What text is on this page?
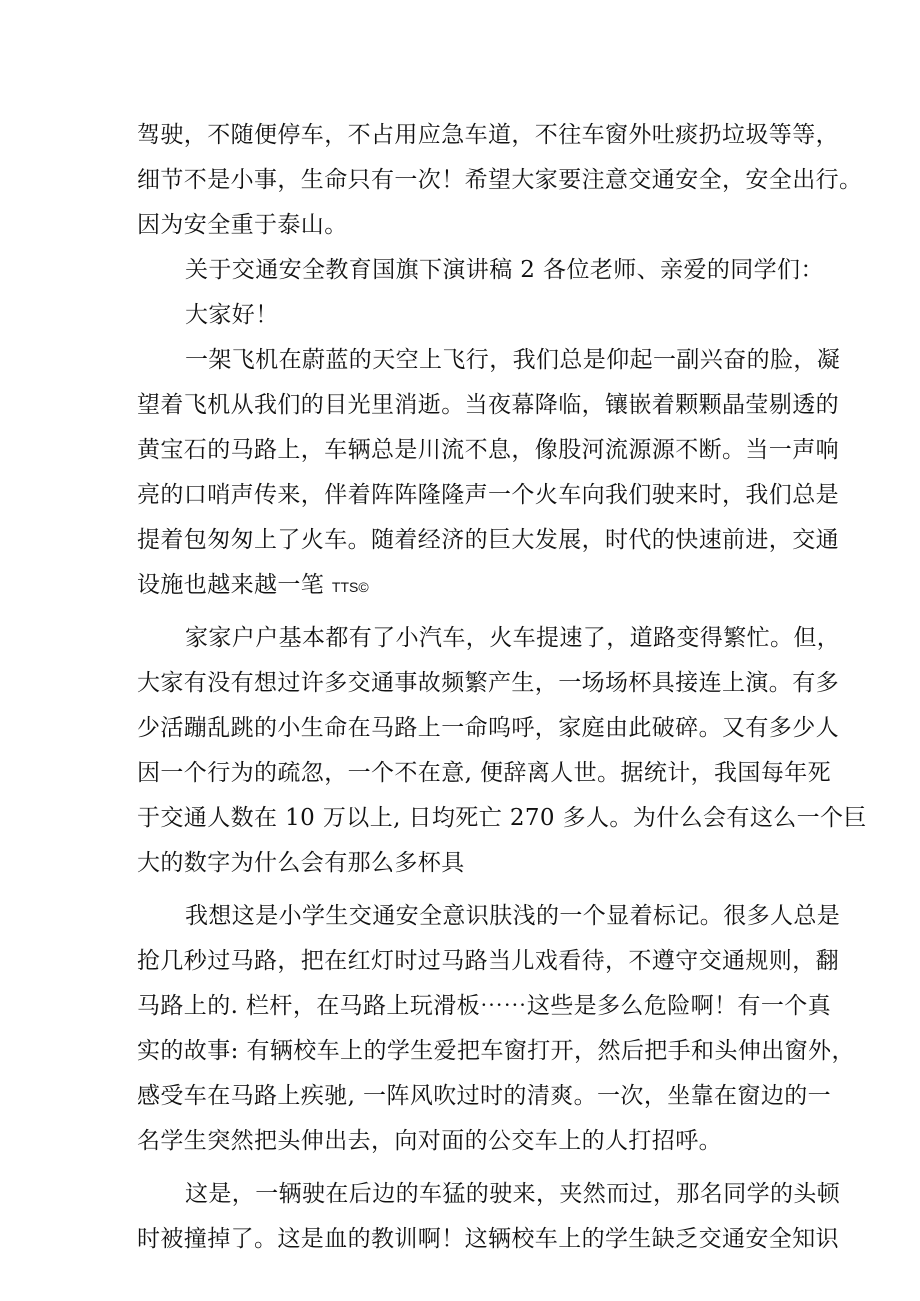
驾驶，不随便停车，不占用应急车道，不往车窗外吐痰扔垃圾等等，
细节不是小事，生命只有一次！希望大家要注意交通安全，安全出行。
因为安全重于泰山。
关于交通安全教育国旗下演讲稿 2 各位老师、亲爱的同学们：
大家好！
一架飞机在蔚蓝的天空上飞行，我们总是仰起一副兴奋的脸，凝
望着飞机从我们的目光里消逝。当夜幕降临，镶嵌着颗颗晶莹剔透的
黄宝石的马路上，车辆总是川流不息，像股河流源源不断。当一声响
亮的口哨声传来，伴着阵阵隆隆声一个火车向我们驶来时，我们总是
提着包匆匆上了火车。随着经济的巨大发展，时代的快速前进，交通
设施也越来越一笔 TTS©
家家户户基本都有了小汽车，火车提速了，道路变得繁忙。但，
大家有没有想过许多交通事故频繁产生，一场场杯具接连上演。有多
少活蹦乱跳的小生命在马路上一命呜呼，家庭由此破碎。又有多少人
因一个行为的疏忽，一个不在意, 便辞离人世。据统计，我国每年死
于交通人数在 10 万以上, 日均死亡 270 多人。为什么会有这么一个巨
大的数字为什么会有那么多杯具
我想这是小学生交通安全意识肤浅的一个显着标记。很多人总是
抢几秒过马路，把在红灯时过马路当儿戏看待，不遵守交通规则，翻
马路上的. 栏杆，在马路上玩滑板⋯⋯这些是多么危险啊！有一个真
实的故事: 有辆校车上的学生爱把车窗打开，然后把手和头伸出窗外，
感受车在马路上疾驰, 一阵风吹过时的清爽。一次，坐靠在窗边的一
名学生突然把头伸出去，向对面的公交车上的人打招呼。
这是，一辆驶在后边的车猛的驶来，夹然而过，那名同学的头顿
时被撞掉了。这是血的教训啊！这辆校车上的学生缺乏交通安全知识
